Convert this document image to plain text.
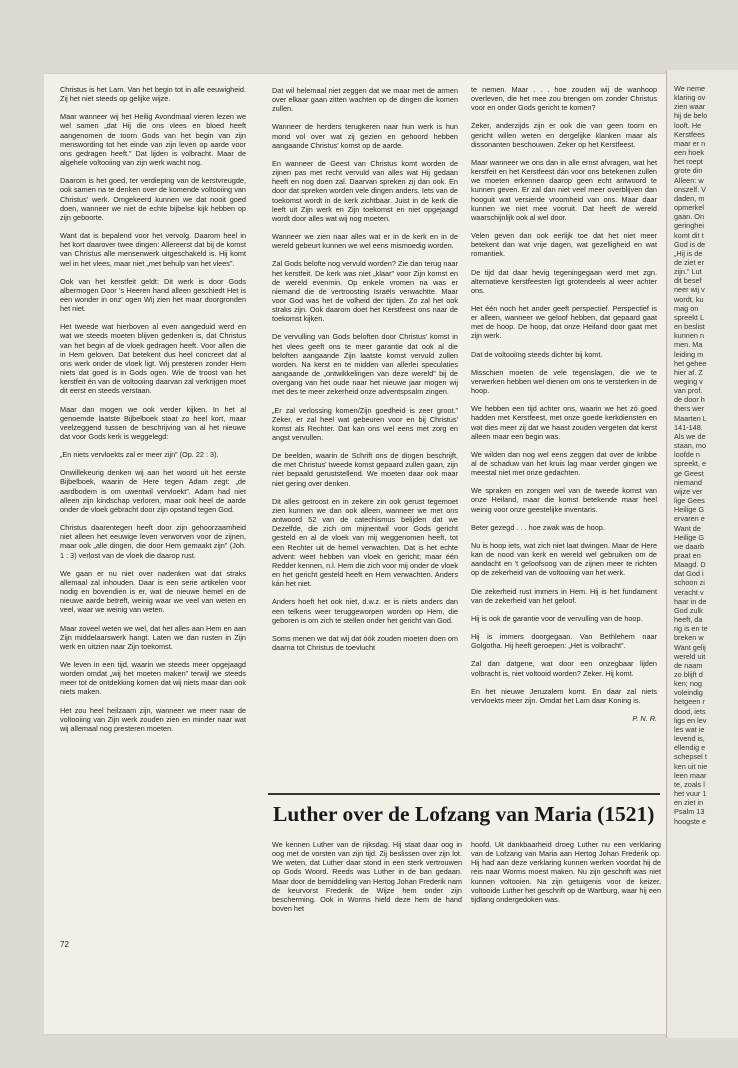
Christus is het Lam. Van het begin tot in alle eeuwigheid. Zij het niet steeds op gelijke wijze.

Maar wanneer wij het Heilig Avondmaal vieren lezen we wel samen „dat Hij die ons vlees en bloed heeft aangenomen de toorn Gods van het begin van zijn menswording tot het einde van zijn leven op aarde voor ons gedragen heeft.” Dat lijden is volbracht. Maar de algehele voltooiing van zijn werk wacht nog.

Daarom is het goed, ter verdieping van de kerstvreugde, ook samen na te denken over de komende voltooiing van Christus' werk. Omgekeerd kunnen we dat nooit goed doen, wanneer we niet de echte bijbelse kijk hebben op zijn geboorte.

Want dat is bepalend voor het vervolg. Daarom heel in het kort daarover twee dingen: Allereerst dat bij de komst van Christus alle mensenwerk uitgeschakeld is. Hij komt wel in het vlees, maar niet „met behulp van het vlees”.

Ook van het kerstfeit geldt: Dit werk is door Gods albermogen Door 's Heeren hand alleen geschiedt Het is een wonder in onz' ogen Wij zien het maar doorgronden het niet.

Het tweede wat hierboven al even aangeduid werd en wat we steeds moeten blijven gedenken is, dat Christus van het begin af de vloek gedragen heeft. Voor allen die in Hem geloven. Dat betekent dus heel concreet dat al ons werk onder de vloek ligt. Wij presteren zonder Hem niets dat goed is in Gods ogen. Wie de troost van het kerstfeit én van de voltooiing daarvan zal verkrijgen moet dit eerst en steeds verstaan.

Maar dan mogen we ook verder kijken. In het al genoemde laatste Bijbelboek staat zo heel kort, maar veelzeggend tussen de beschrijving van al het nieuwe dat voor Gods kerk is weggelegd:

„En niets vervloekts zal er meer zijn” (Op. 22 : 3).

Onwillekeurig denken wij aan het woord uit het eerste Bijbelboek, waarin de Here tegen Adam zegt: „de aardbodem is om uwentwil vervloekt”. Adam had niet alleen zijn kindschap verloren, maar ook heel de aarde onder de vloek gebracht door zijn opstand tegen God.

Christus daarentegen heeft door zijn gehoorzaamheid niet alleen het eeuwige leven verworven voor de zijnen, maar ook „alle dingen, die door Hem gemaakt zijn” (Joh. 1 : 3) verlost van de vloek die daarop rust.

We gaan er nu niet over nadenken wat dat straks allemaal zal inhouden. Daar is een serie artikelen voor nodig en bovendien is er, wat de nieuwe hemel en de nieuwe aarde betreft, weinig waar we veel van weten en veel, waar we weinig van weten.

Maar zoveel weten we wel, dat het alles aan Hem en aan Zijn middelaarswerk hangt. Laten we dan rusten in Zijn werk en uitzien naar Zijn toekomst.

We leven in een tijd, waarin we steeds meer opgejaagd worden omdat „wij het moeten maken” terwijl we steeds meer tot de ontdekking komen dat wij niets maar dan ook niets maken.

Het zou heel heilzaam zijn, wanneer we meer naar de voltooiing van Zijn werk zouden zien en minder naar wat wij allemaal nog presteren moeten.

Dat wil helemaal niet zeggen dat we maar met de armen over elkaar gaan zitten wachten op de dingen die komen zullen.

Wanneer de herders terugkeren naar hun werk is hun mond vol over wat zij gezien en gehoord hebben aangaande Christus' komst op de aarde.

En wanneer de Geest van Christus komt worden de zijnen pas met recht vervuld van alles wat Hij gedaan heeft en nog doen zal. Daarvan spreken zij dan ook. En door dat spreken worden vele dingen anders. Iets van de toekomst wordt in de kerk zichtbaar. Juist in de kerk die leeft uit Zijn werk en Zijn toekomst en niet opgejaagd wordt door alles wat wij nog moeten.

Wanneer we zien naar alles wat er in de kerk en in de wereld gebeurt kunnen we wel eens mismoedig worden.

Zal Gods belofte nog vervuld worden? Zie dan terug naar het kerstfeit. De kerk was niet „klaar” voor Zijn komst en de wereld evenmin. Op enkele vromen na was er niemand die de vertroosting Israëls verwachtte. Maar voor God was het de volheid der tijden. Zo zal het ook straks zijn. Ook daarom doet het Kerstfeest ons naar de toekomst kijken.

De vervulling van Gods beloften door Christus' komst in het vlees geeft ons te meer garantie dat ook al die beloften aangaande Zijn laatste komst vervuld zullen worden. Na kerst en te midden van allerlei speculaties aangaande de „ontwikkelingen van deze wereld” bij de overgang van het oude naar het nieuwe jaar mogen wij met des te meer zekerheid onze adventspsalm zingen.

„Er zal verlossing komen/Zijn goedheid is zeer groot.” Zeker, er zal heel wat gebeuren voor en bij Christus' komst als Rechter. Dat kan ons wel eens met zorg en angst vervullen.

De beelden, waarin de Schrift ons de dingen beschrijft, die met Christus' tweede komst gepaard zullen gaan, zijn niet bepaald geruststellend. We moeten daar ook maar niet gering over denken.

Dit alles getroost en in zekere zin ook gerust tegemoet zien kunnen we dan ook alleen, wanneer we met ons antwoord 52 van de catechismus belijden dat we Dezelfde, die zich om mijnentwil voor Gods gericht gesteld en al de vloek van mij weggenomen heeft, tot een Rechter uit de hemel verwachten. Dat is het echte advent: weet hebben van vloek en gericht; maar één Redder kennen, n.l. Hem die zich voor mij onder de vloek en het gericht gesteld heeft en Hem verwachten. Anders kán het niet.

Anders hoeft het ook niet, d.w.z. er is niets anders dan een telkens weer teruggeworpen worden op Hem, die geboren is om zich te stellen onder het gericht van God.

Soms menen we dat wij dat óók zouden moeten doen om daarna tot Christus de toevlucht

te nemen. Maar . . . hoe zouden wij de wanhoop overleven, die het mee zou brengen om zonder Christus voor en onder Gods gericht te komen?

Zeker, anderzijds zijn er ook die van geen toorn en gericht willen weten en dergelijke klanken maar als dissonanten beschouwen. Zeker op het Kerstfeest.

Maar wanneer we ons dan in alle ernst afvragen, wat het kerstfeit en het Kerstfeest dán voor ons betekenen zullen we moeten erkennen daarop geen echt antwoord te kunnen geven. Er zal dan niet veel meer overblijven dan hooguit wat versierde vroomheid van ons. Maar daar kunnen we niet mee vooruit. Dat heeft de wereld waarschijnlijk ook al wel door.

Velen geven dan ook eerlijk toe dat het niet meer betekent dan wat vrije dagen, wat gezelligheid en wat romantiek.

De tijd dat daar hevig tegeningegaan werd met zgn. alternatieve kerstfeesten ligt grotendeels al weer achter ons.

Het één noch het ander geeft perspectief. Perspectief is er alleen, wanneer we geloof hebben, dat gepaard gaat met de hoop. De hoop, dat onze Heiland door gaat met zijn werk.

Dat de voltooiïng steeds dichter bij komt.

Misschien moeten de vele tegenslagen, die we te verwerken hebben wel dienen om ons te versterken in de hoop.

We hebben een tijd achter ons, waarin we het zó goed hadden met Kerstfeest, met onze goede kerkdiensten en wat dies meer zij dat we haast zouden vergeten dat kerst alleen maar een begin was.

We wilden dan nog wel eens zeggen dat over de kribbe al de schaduw van het kruis lag maar verder gingen we meestal niet met onze gedachten.

We spraken en zongen wel van de tweede komst van onze Heiland, maar die komst betekende maar heel weinig voor onze geestelijke inventaris.

Beter gezegd . . . hoe zwak was de hoop.

Nu is hoop iets, wat zich niet laat dwingen. Maar de Here kan de nood van kerk en wereld wel gebruiken om de aandacht en 't geloofsoog van de zijnen meer te richten op de zekerheid van de voltooiing van het werk.

Die zekerheid rust immers in Hem. Hij is het fundament van de zekerheid van het geloof.

Hij is ook de garantie voor de vervulling van de hoop.

Hij is immers doorgegaan. Van Bethlehem naar Golgotha. Hij heeft geroepen: „Het is volbracht”.

Zal dan datgene, wat door een onzegbaar lijden volbracht is, niet voltooid worden? Zeker. Hij komt.

En het nieuwe Jeruzalem komt. En daar zal niets vervloekts meer zijn. Omdat het Lam daar Koning is.

P. N. R.

Luther over de Lofzang van Maria (1521)

We kennen Luther van de rijksdag. Hij staat daar oog in oog met de vorsten van zijn tijd. Zij beslissen over zijn lot. We weten, dat Luther daar stond in een sterk vertrouwen op Gods Woord. Reeds was Luther in de ban gedaan. Maar door de bemiddeling van Hertog Johan Frederik nam de keurvorst Frederik de Wijze hem onder zijn bescherming. Ook in Worms hield deze hem de hand boven het

hoofd. Uit dankbaarheid droeg Luther nu een verklaring van de Lofzang van Maria aan Hertog Johan Frederik op. Hij had aan deze verklaring kunnen werken voordat hij de reis naar Worms moest maken. Nu zijn geschrift was niet kunnen voltooien. Na zijn getuigenis voor de keizer, voltooide Luther het geschrift op de Wartburg, waar hij een tijdlang ondergedoken was.

72
We neme
klaring ov
zien waar
hij de belo
looft. He
Kerstfees
maar er n
een hoek
het roept
grote din
Alleen: w
onszelf. V
daden, m
opmerkel
gaan. On
geringhei
komt dit t
God is de
„Hij is de
de ziet er
zijn.” Lut
dit besef
neer wij v
wordt, ku
mag on
spreekt L
en beslist
kunnen n
men. Ma
leiding m
het gehee
hier af. Z
weging v
van prof.
de door h
thers wer
Maarten L
141-148.
Als we de
staan, mo
loofde n
spreekt, e
ge Geest
niemand
wijze ver
lige Gees
Heilige G
ervaren e
Want de
Heilige G
we daarb
praat en
Maagd. D
dat God i
schoon zi
veracht v
haar in de
God zulk
heeft, da
rig is en te
breken w
Want gelij
wereld uit
de naam
zo blijft d
ken; nog
voleindig
hetgeen r
dood, iets
ligs en lev
les wat ie
levend is,
ellendig e
schepsel t
ken uit nie
leen maar
te, zoals l
het vuur 1
en ziet in
Psalm 13
hoogste e
